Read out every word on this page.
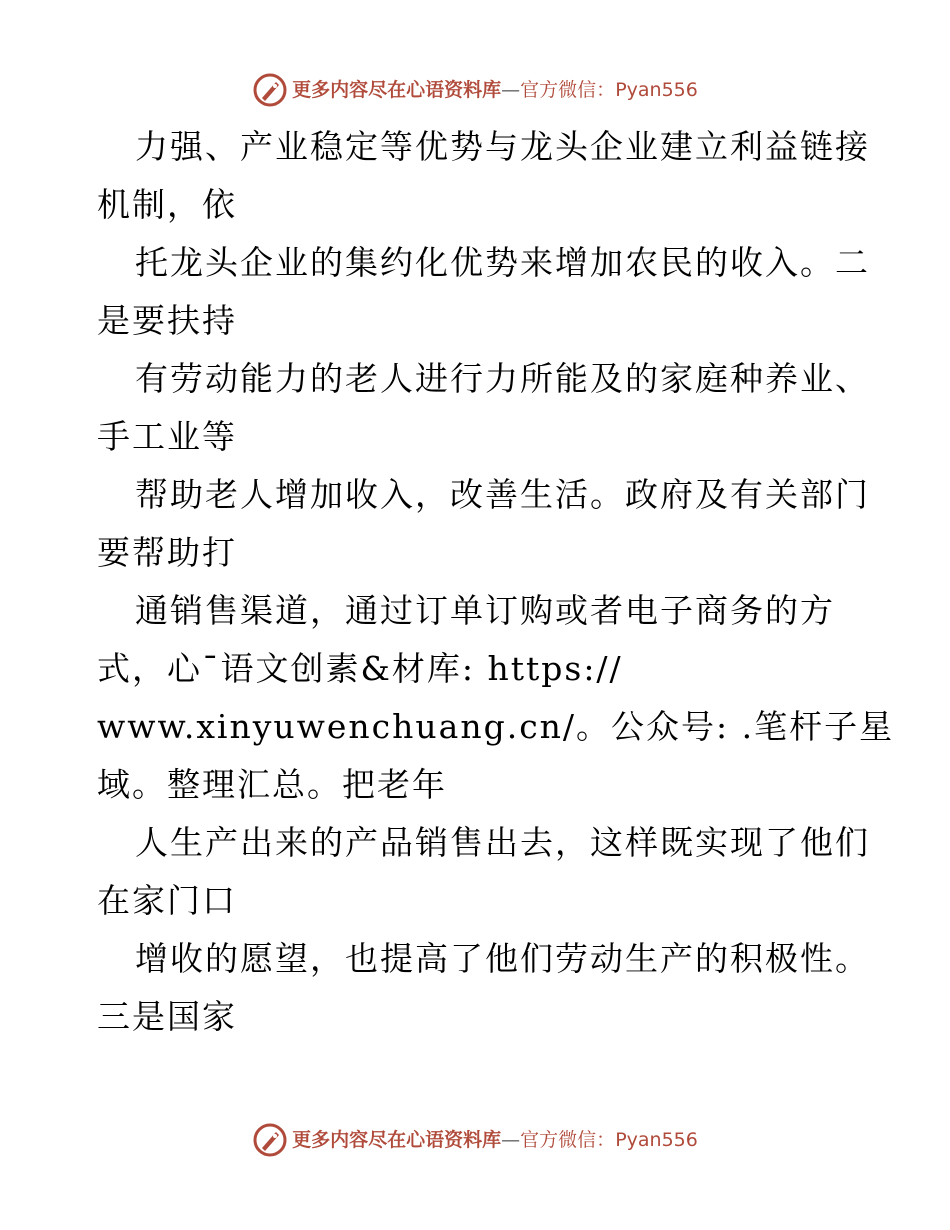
更多内容尽在心语资料库 — 官方微信： Pyan556
力强、产业稳定等优势与龙头企业建立利益链接
机制，依
托龙头企业的集约化优势来增加农民的收入。二
是要扶持
有劳动能力的老人进行力所能及的家庭种养业、
手工业等
帮助老人增加收入，改善生活。政府及有关部门
要帮助打
通销售渠道，通过订单订购或者电子商务的方
式，心¯语文创素&材库: https://
www.xinyuwenchuang.cn/。公众号: .笔杆子星
域。整理汇总。把老年
人生产出来的产品销售出去，这样既实现了他们
在家门口
增收的愿望，也提高了他们劳动生产的积极性。
三是国家
更多内容尽在心语资料库 — 官方微信： Pyan556
